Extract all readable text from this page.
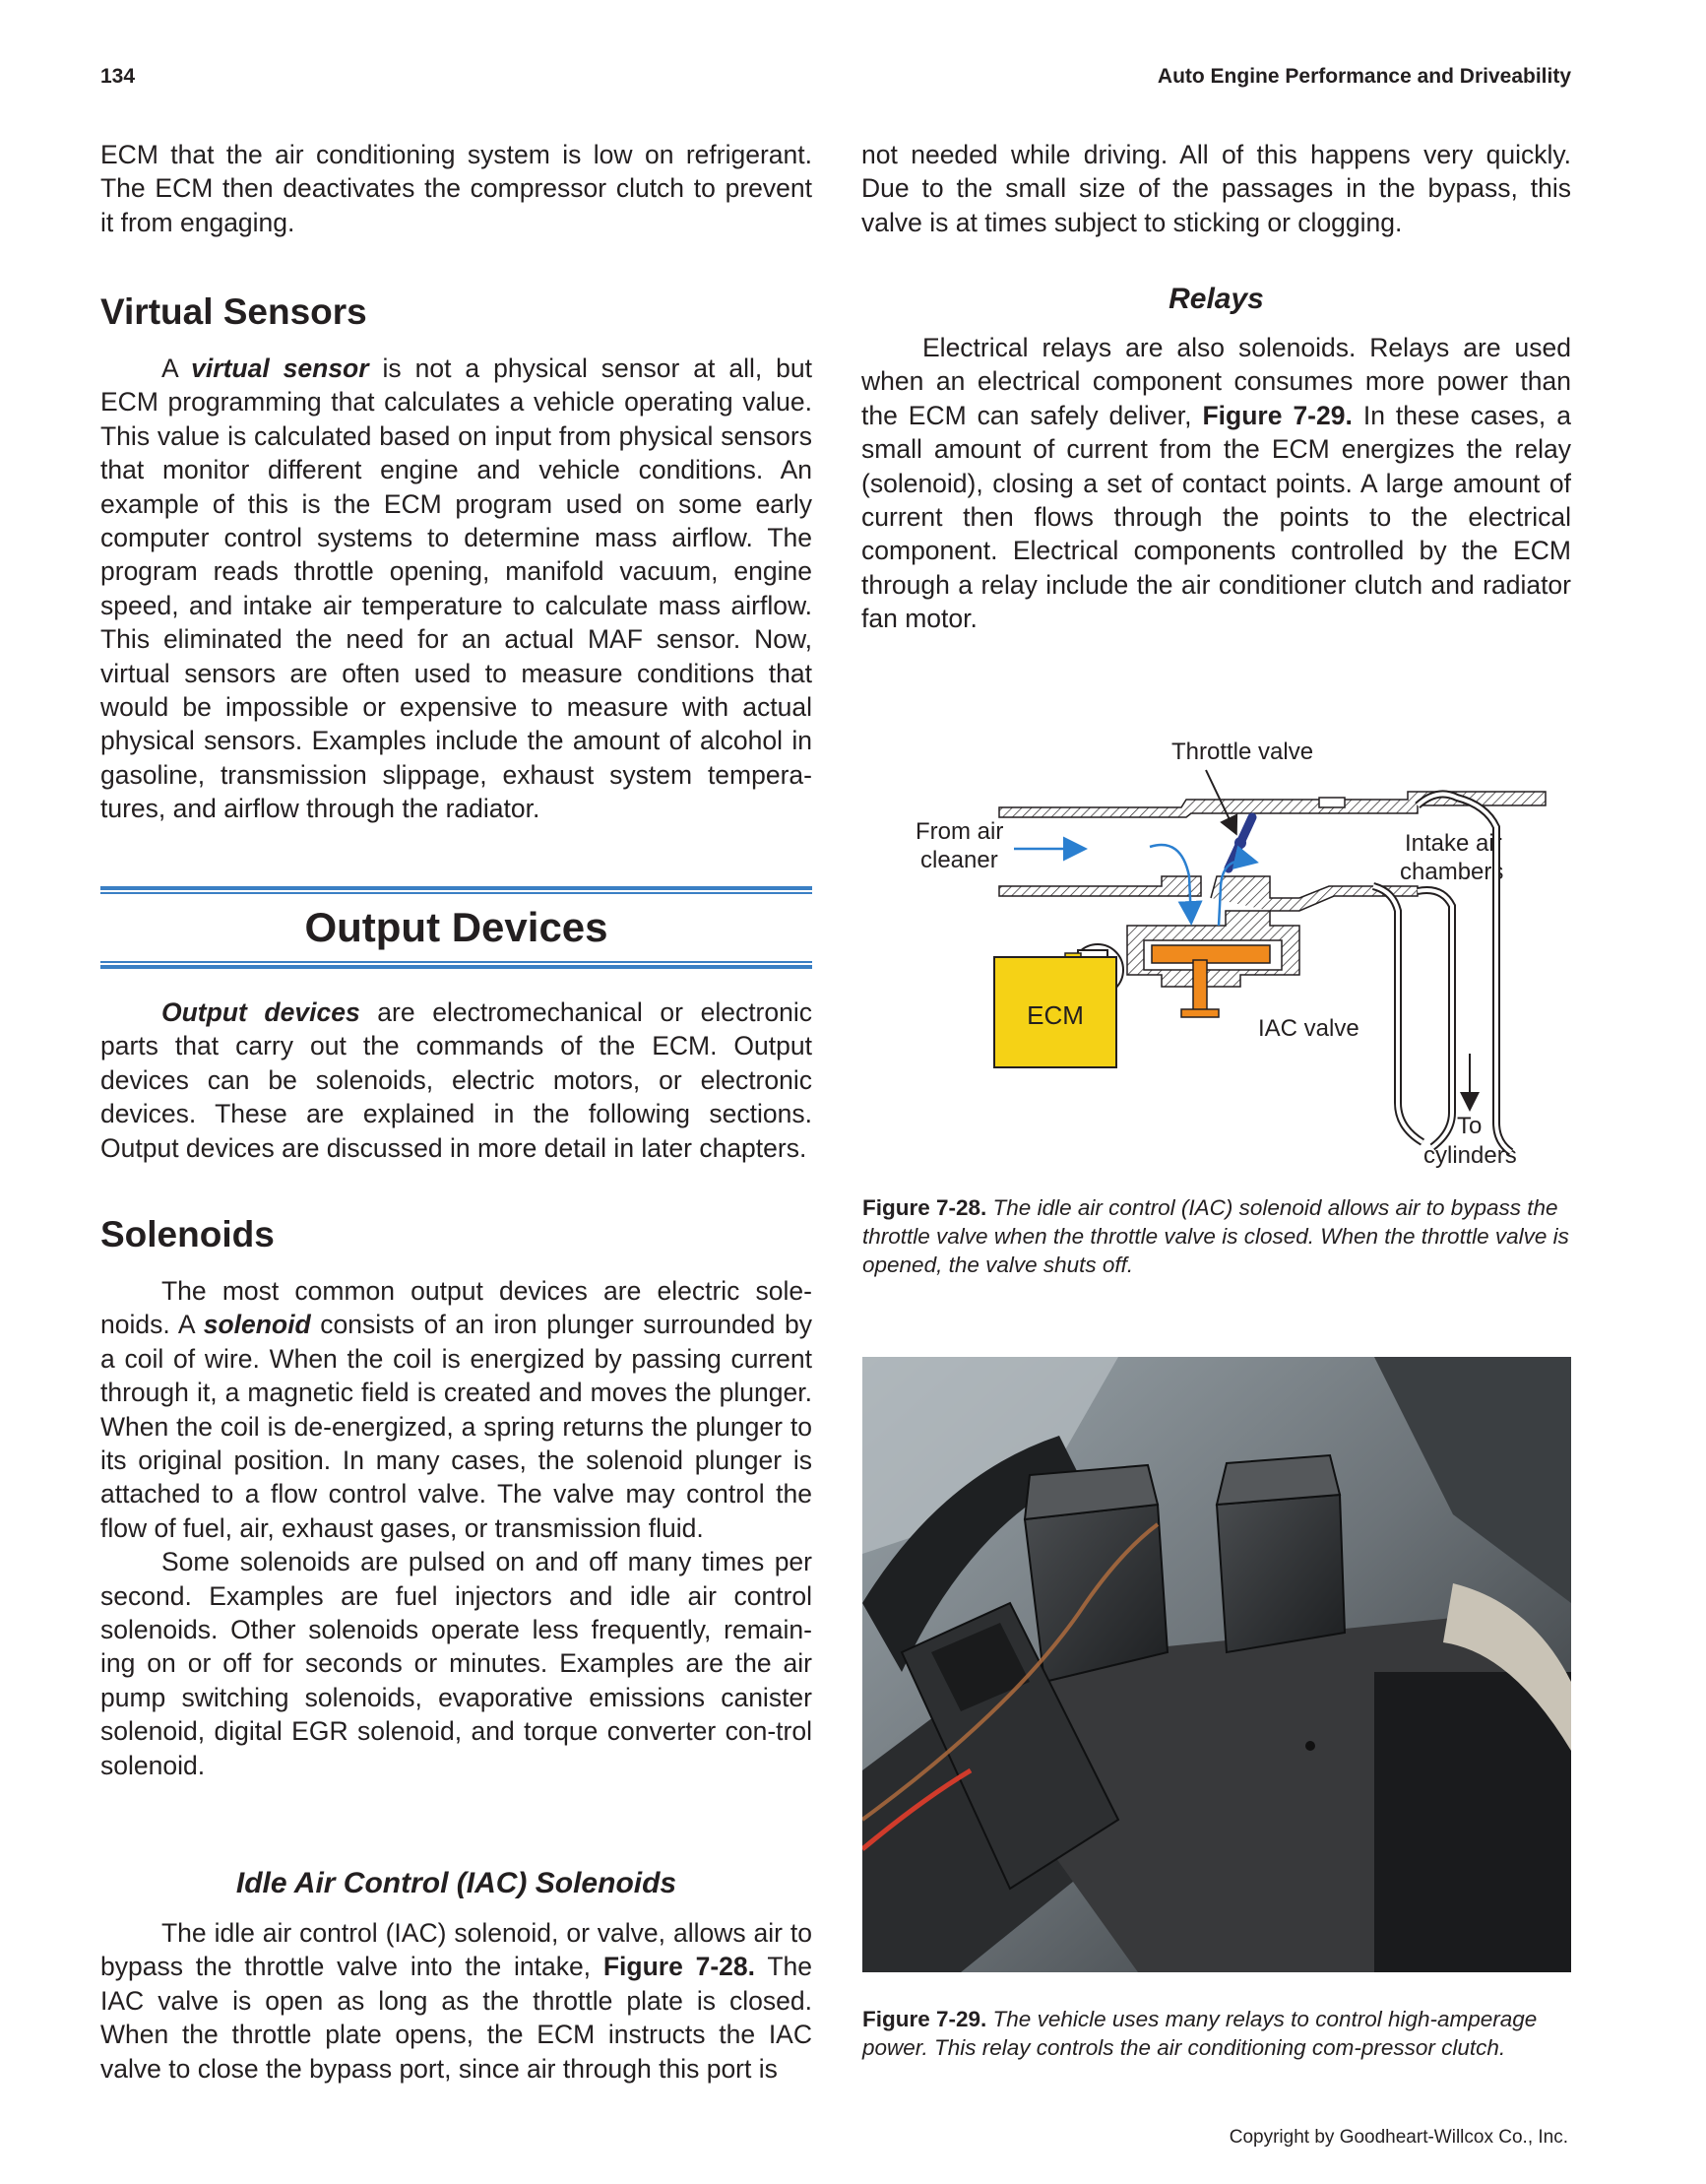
134	Auto Engine Performance and Driveability

ECM that the air conditioning system is low on refrigerant. The ECM then deactivates the compressor clutch to prevent it from engaging.

Virtual Sensors

A virtual sensor is not a physical sensor at all, but ECM programming that calculates a vehicle operating value. This value is calculated based on input from physical sensors that monitor different engine and vehicle conditions. An example of this is the ECM program used on some early computer control systems to determine mass airflow. The program reads throttle opening, manifold vacuum, engine speed, and intake air temperature to calculate mass airflow. This eliminated the need for an actual MAF sensor. Now, virtual sensors are often used to measure conditions that would be impossible or expensive to measure with actual physical sensors. Examples include the amount of alcohol in gasoline, transmission slippage, exhaust system tempera-tures, and airflow through the radiator.

Output Devices

Output devices are electromechanical or electronic parts that carry out the commands of the ECM. Output devices can be solenoids, electric motors, or electronic devices. These are explained in the following sections. Output devices are discussed in more detail in later chapters.

Solenoids

The most common output devices are electric sole-noids. A solenoid consists of an iron plunger surrounded by a coil of wire. When the coil is energized by passing current through it, a magnetic field is created and moves the plunger. When the coil is de-energized, a spring returns the plunger to its original position. In many cases, the solenoid plunger is attached to a flow control valve. The valve may control the flow of fuel, air, exhaust gases, or transmission fluid.

Some solenoids are pulsed on and off many times per second. Examples are fuel injectors and idle air control solenoids. Other solenoids operate less frequently, remain-ing on or off for seconds or minutes. Examples are the air pump switching solenoids, evaporative emissions canister solenoid, digital EGR solenoid, and torque converter con-trol solenoid.

Idle Air Control (IAC) Solenoids

The idle air control (IAC) solenoid, or valve, allows air to bypass the throttle valve into the intake, Figure 7-28. The IAC valve is open as long as the throttle plate is closed. When the throttle plate opens, the ECM instructs the IAC valve to close the bypass port, since air through this port is

not needed while driving. All of this happens very quickly. Due to the small size of the passages in the bypass, this valve is at times subject to sticking or clogging.

Relays

Electrical relays are also solenoids. Relays are used when an electrical component consumes more power than the ECM can safely deliver, Figure 7-29. In these cases, a small amount of current from the ECM energizes the relay (solenoid), closing a set of contact points. A large amount of current then flows through the points to the electrical component. Electrical components controlled by the ECM through a relay include the air conditioner clutch and radiator fan motor.

Throttle valve
From air
cleaner
Intake air
chambers
IAC valve
To
cylinders
ECM
Figure 7-28. The idle air control (IAC) solenoid allows air to bypass the throttle valve when the throttle valve is closed. When the throttle valve is opened, the valve shuts off.
Figure 7-29. The vehicle uses many relays to control high-amperage power. This relay controls the air conditioning com-pressor clutch.
Copyright by Goodheart-Willcox Co., Inc.
